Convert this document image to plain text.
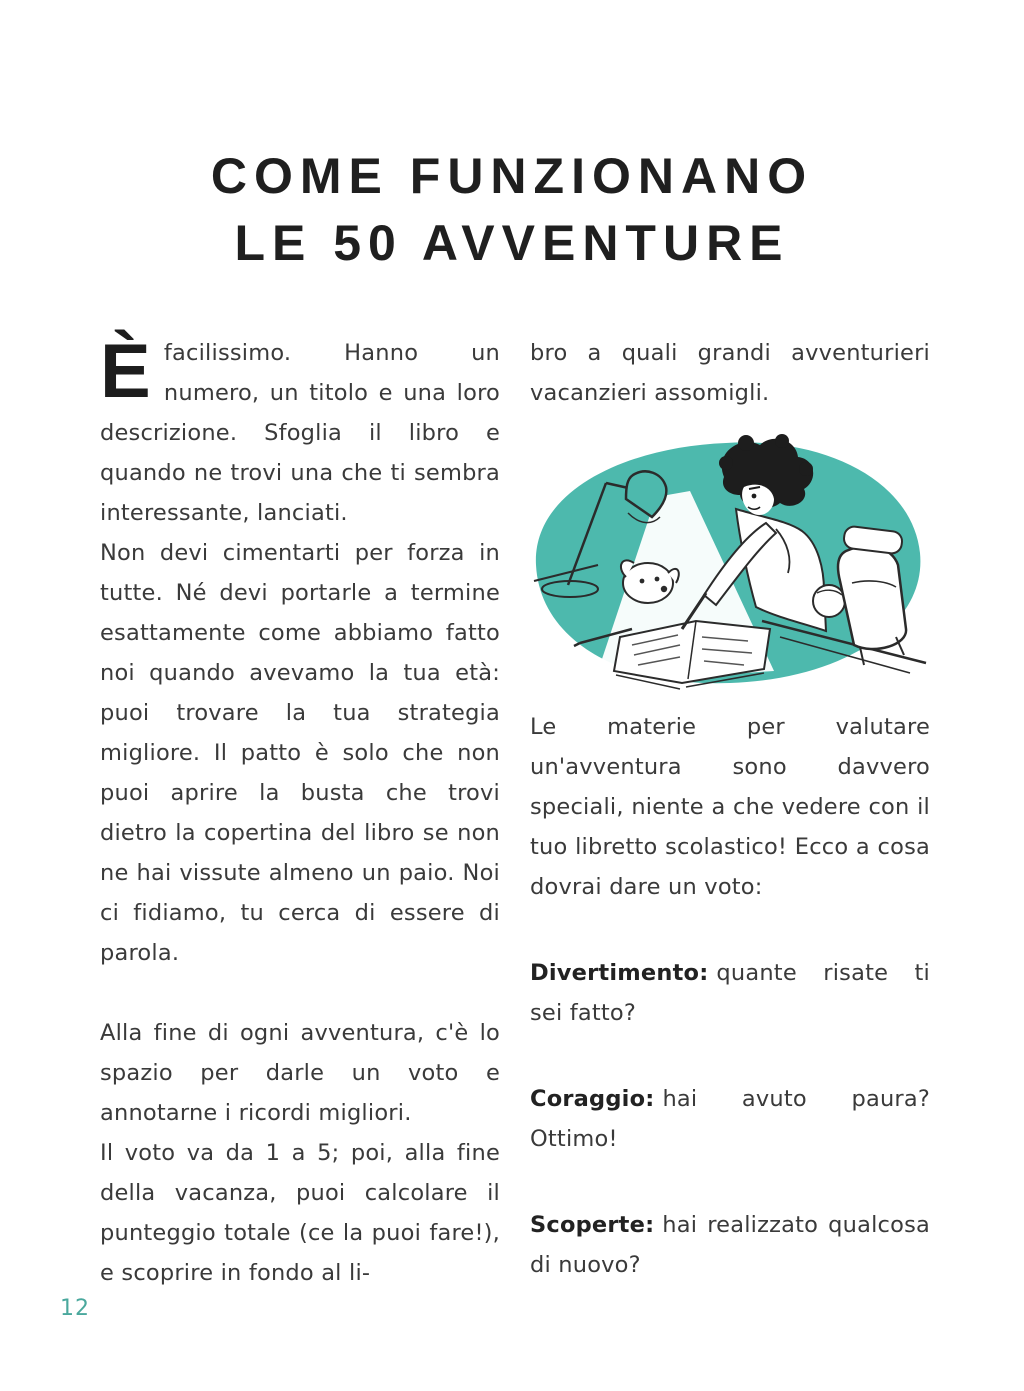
COME FUNZIONANO
LE 50 AVVENTURE

Èfacilissimo. Hanno un numero, un titolo e una loro descrizione. Sfoglia il libro e quando ne trovi una che ti sembra interessante, lanciati.

Non devi cimentarti per forza in tutte. Né devi portarle a termine esattamente come abbiamo fatto noi quando avevamo la tua età: puoi trovare la tua strategia migliore. Il patto è solo che non puoi aprire la busta che trovi dietro la copertina del libro se non ne hai vissute almeno un paio. Noi ci fidiamo, tu cerca di essere di parola.

Alla fine di ogni avventura, c'è lo spazio per darle un voto e annotarne i ricordi migliori.

Il voto va da 1 a 5; poi, alla fine della vacanza, puoi calcolare il punteggio totale (ce la puoi fare!), e scoprire in fondo al li-

bro a quali grandi avventurieri vacanzieri assomigli.

Le materie per valutare un'avventura sono davvero speciali, niente a che vedere con il tuo libretto scolastico! Ecco a cosa dovrai dare un voto:

Divertimento: quante risate ti sei fatto?

Coraggio: hai avuto paura? Ottimo!

Scoperte: hai realizzato qualcosa di nuovo?

12
